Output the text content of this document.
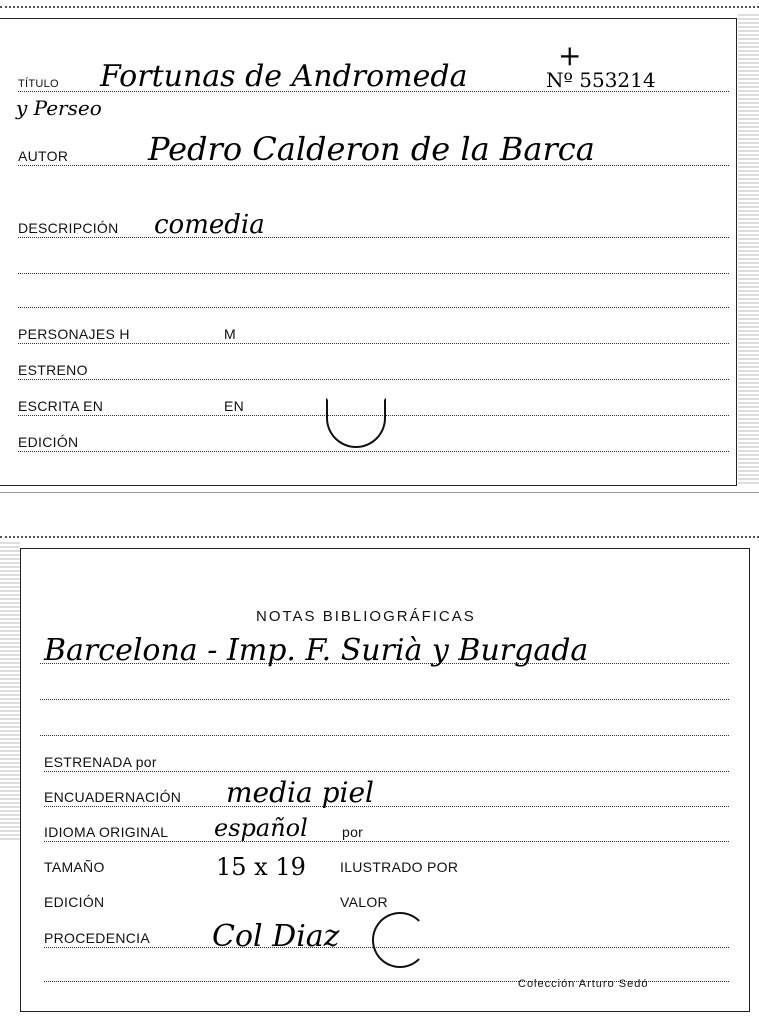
TÍTULO Fortunas de Andromeda	Nº 553214
+
y Perseo
AUTOR Pedro Calderon de la Barca
DESCRIPCIÓN comedia
PERSONAJES H	M
ESTRENO
ESCRITA EN	EN
EDICIÓN
NOTAS BIBLIOGRÁFICAS
Barcelona - Imp. F. Surià y Burgada
ESTRENADA por
ENCUADERNACIÓN media piel
IDIOMA ORIGINAL español por
TAMAÑO	15 x 19 ILUSTRADO POR
EDICIÓN	VALOR
PROCEDENCIA Col Diaz
Colección Arturo Sedó
